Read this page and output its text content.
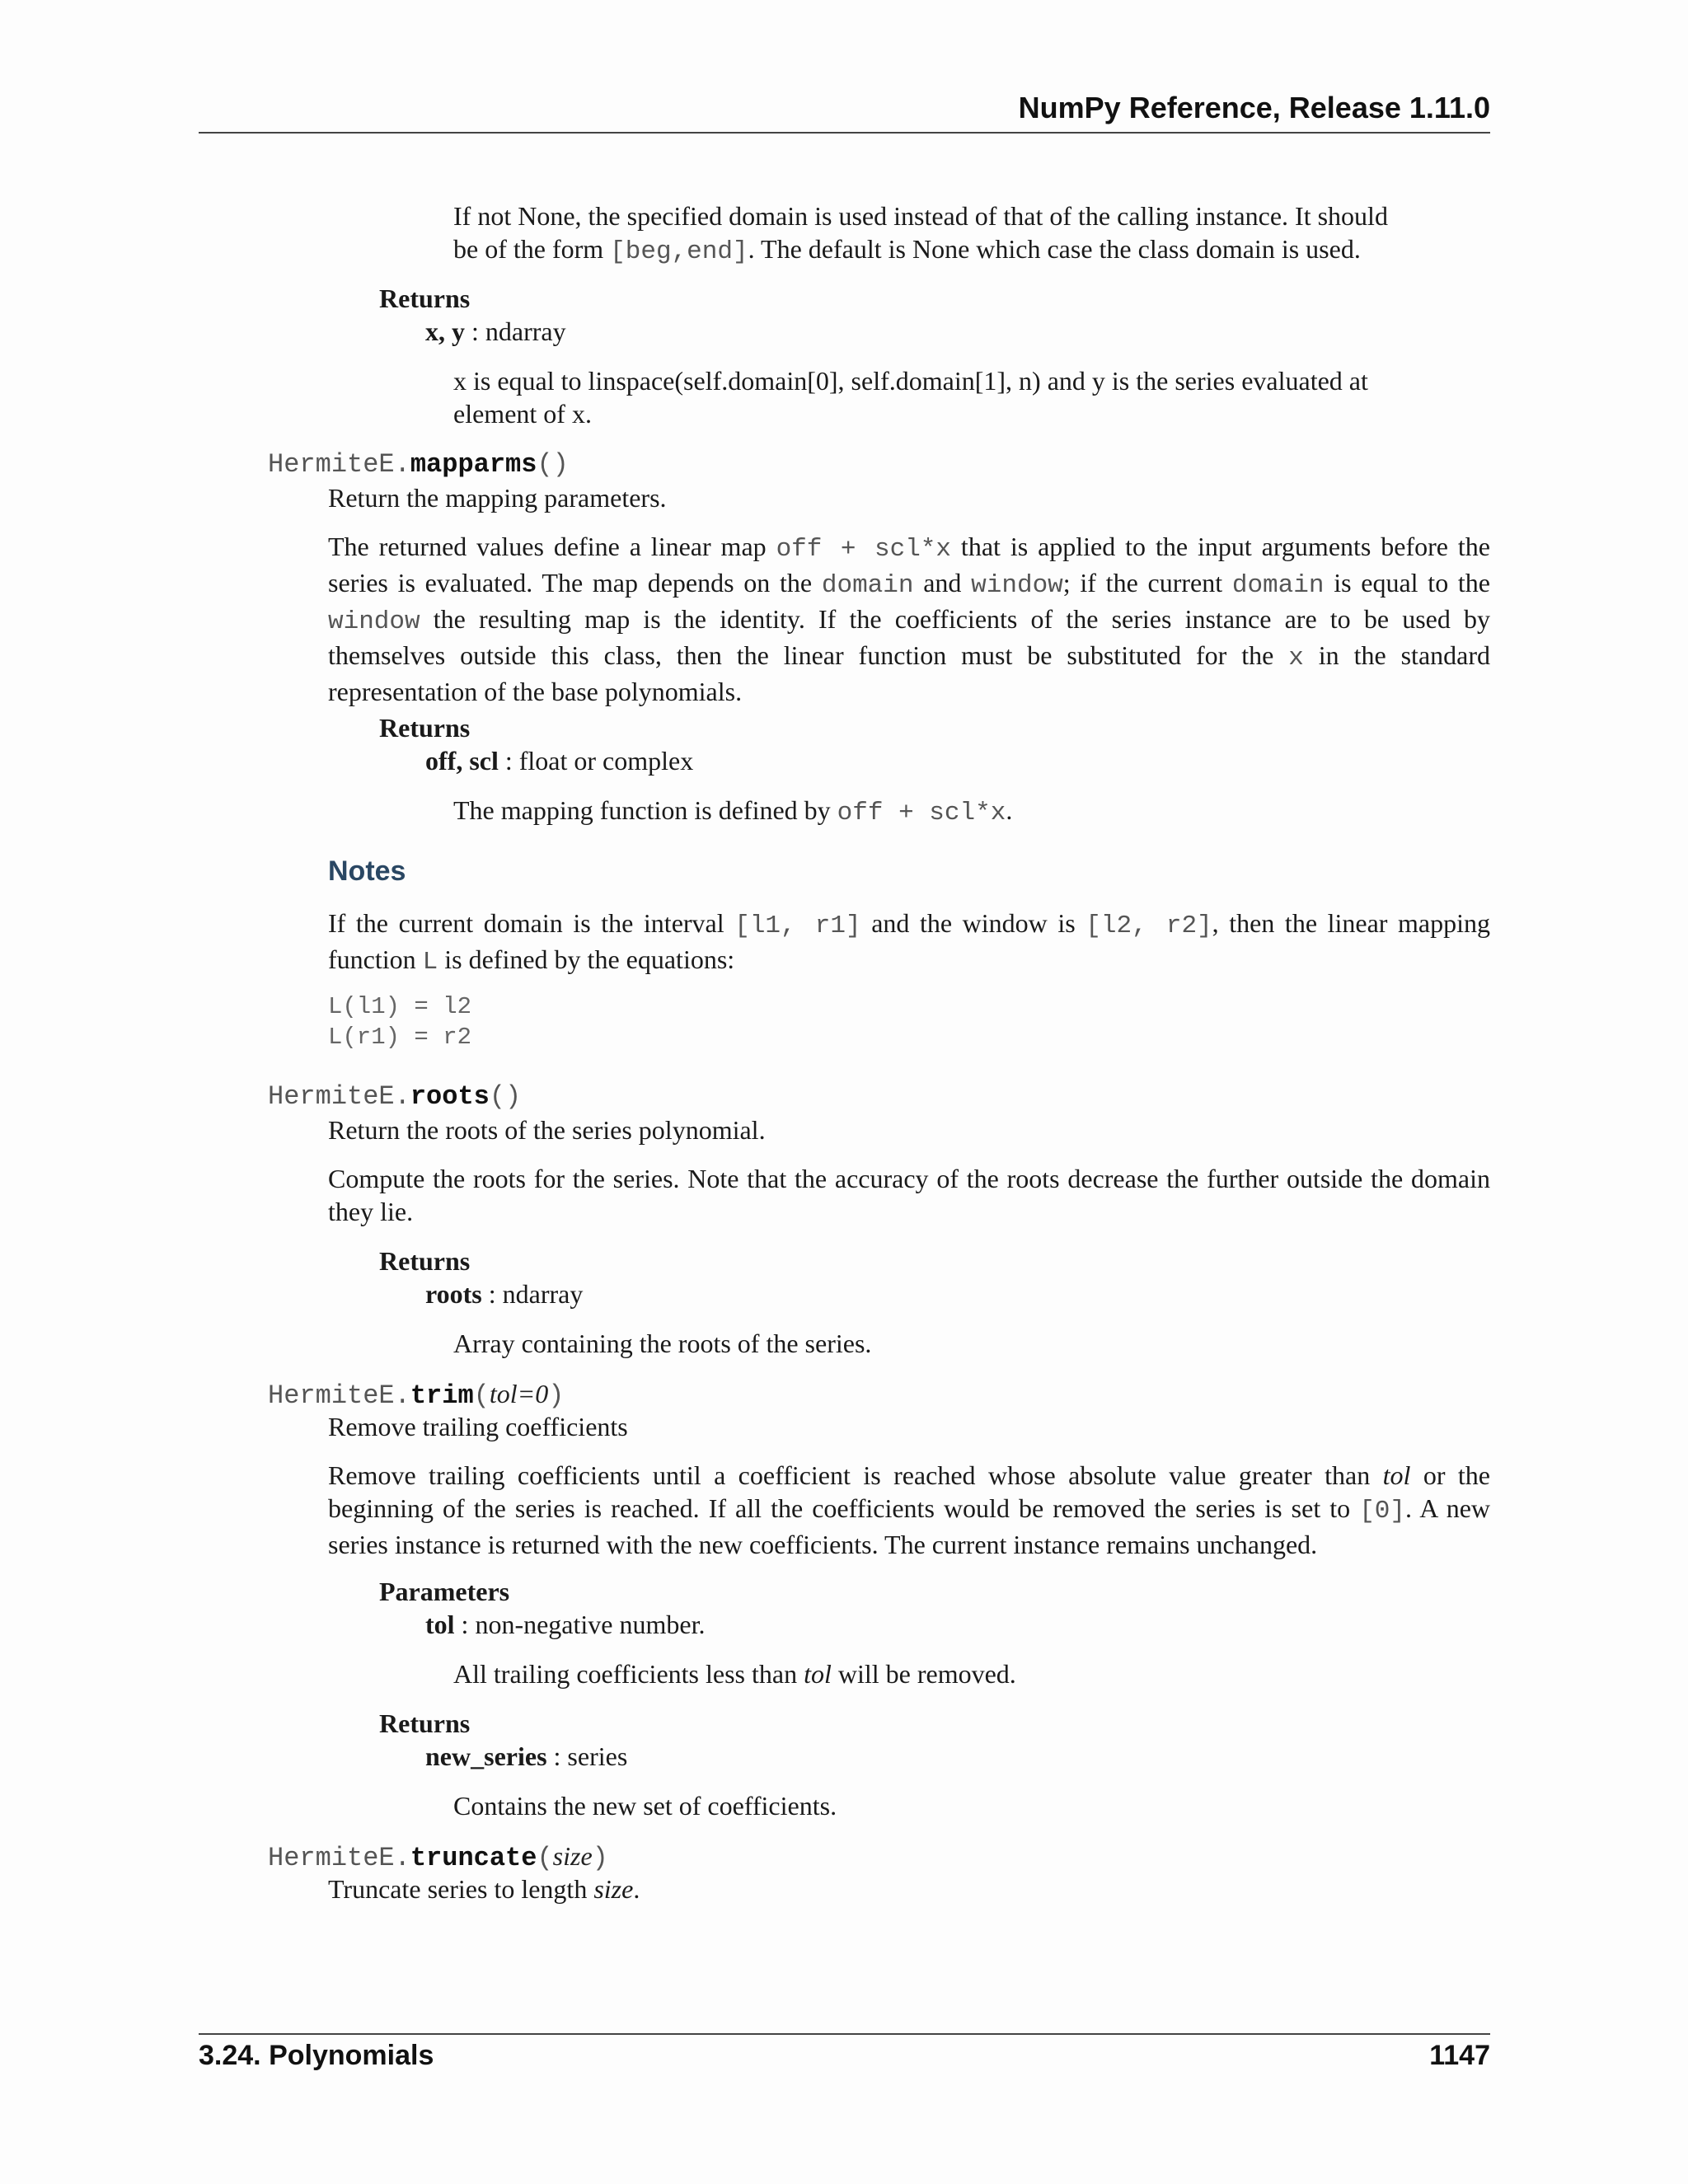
NumPy Reference, Release 1.11.0
If not None, the specified domain is used instead of that of the calling instance. It should be of the form [beg,end]. The default is None which case the class domain is used.
Returns
x, y : ndarray
x is equal to linspace(self.domain[0], self.domain[1], n) and y is the series evaluated at element of x.
HermiteE.mapparms()
Return the mapping parameters.
The returned values define a linear map off + scl*x that is applied to the input arguments before the series is evaluated. The map depends on the domain and window; if the current domain is equal to the window the resulting map is the identity. If the coefficients of the series instance are to be used by themselves outside this class, then the linear function must be substituted for the x in the standard representation of the base polynomials.
Returns
off, scl : float or complex
The mapping function is defined by off + scl*x.
Notes
If the current domain is the interval [l1, r1] and the window is [l2, r2], then the linear mapping function L is defined by the equations:
L(l1) = l2
L(r1) = r2
HermiteE.roots()
Return the roots of the series polynomial.
Compute the roots for the series. Note that the accuracy of the roots decrease the further outside the domain they lie.
Returns
roots : ndarray
Array containing the roots of the series.
HermiteE.trim(tol=0)
Remove trailing coefficients
Remove trailing coefficients until a coefficient is reached whose absolute value greater than tol or the beginning of the series is reached. If all the coefficients would be removed the series is set to [0]. A new series instance is returned with the new coefficients. The current instance remains unchanged.
Parameters
tol : non-negative number.
All trailing coefficients less than tol will be removed.
Returns
new_series : series
Contains the new set of coefficients.
HermiteE.truncate(size)
Truncate series to length size.
3.24. Polynomials	1147
